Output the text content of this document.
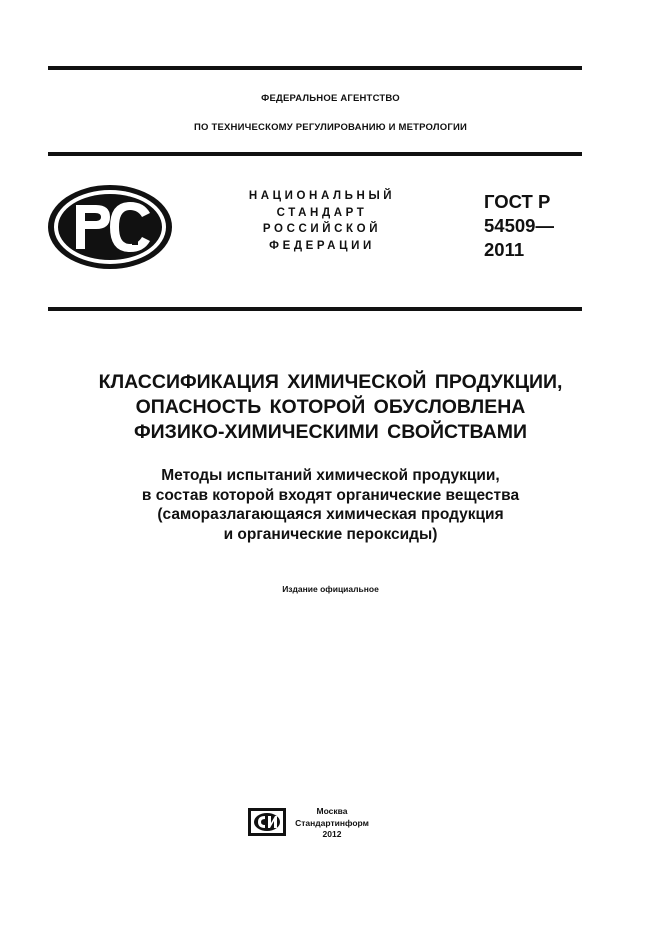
ФЕДЕРАЛЬНОЕ АГЕНТСТВО
ПО ТЕХНИЧЕСКОМУ РЕГУЛИРОВАНИЮ И МЕТРОЛОГИИ
НАЦИОНАЛЬНЫЙ
СТАНДАРТ
РОССИЙСКОЙ
ФЕДЕРАЦИИ
ГОСТ Р
54509—
2011
КЛАССИФИКАЦИЯ ХИМИЧЕСКОЙ ПРОДУКЦИИ,
ОПАСНОСТЬ КОТОРОЙ ОБУСЛОВЛЕНА
ФИЗИКО-ХИМИЧЕСКИМИ СВОЙСТВАМИ
Методы испытаний химической продукции,
в состав которой входят органические вещества
(саморазлагающаяся химическая продукция
и органические пероксиды)
Издание официальное
Москва
Стандартинформ
2012
